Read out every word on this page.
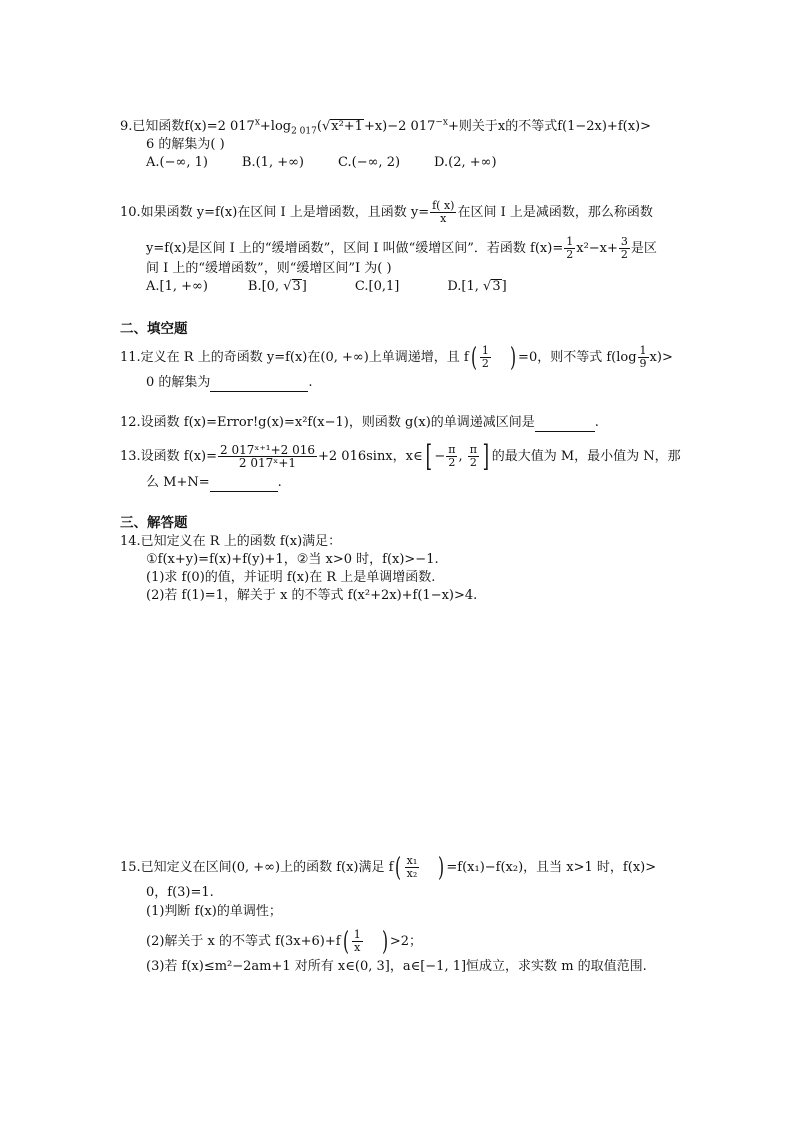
9.已知函数f(x)=2 $017^x+\log_{2 017}(√x^2+1+x)-2$ $017^{-x}+$则关于x的不等式f(1−2x)+f(x)>
6 的解集为( )
A.(−∞, 1)	B.(1, +∞)	C.(−∞, 2)	D.(2, +∞)
10.如果函数 y=f(x)在区间 I 上是增函数，且函数 $y= \frac{f( x)}{x}$ 在区间 I 上是减函数，那么称函数
y=f(x)是区间 I 上的“缓增函数”，区间 I 叫做“缓增区间”．若函数 $f(x)= \frac{1}{2} x^2-x+ \frac{3}{2}$ 是区
间 I 上的“缓增函数”，则“缓增区间”I 为( )
A.[1, +∞)	B.[0, √3]	C.[0,1]	D.[1, √3]
二、填空题
11.定义在 R 上的奇函数 y=f(x)在(0, +∞)上单调递增，且 $f( \frac{1}{2}$ ) =0，则不等式 $f(\log \frac{1}{9} x)>$
0 的解集为	.
12.设函数 f(x)=Error!g(x)=x²f(x−1)，则函数 g(x)的单调递减区间是	.
13.设函数 $f(x)= \frac{\text{2 017ˣ⁺¹+2 016}}{\text{2 017ˣ+1}} +2$ 016sinx，x∈[ − $\frac{\pi}{2}$ , $\frac{\pi}{2}$ ] 的最大值为 M，最小值为 N，那
么 M+N=	.
三、解答题
14.已知定义在 R 上的函数 f(x)满足：
①f(x+y)=f(x)+f(y)+1，②当 x>0 时，f(x)>−1.
(1)求 f(0)的值，并证明 f(x)在 R 上是单调增函数.
(2)若 f(1)=1，解关于 x 的不等式 f(x²+2x)+f(1−x)>4.
15.已知定义在区间(0, +∞)上的函数 f(x)满足 $f( \frac{\text{x₁}}{\text{x₂}}$ ) =f(x₁)−f(x₂)，且当 x>1 时，f(x)>
0，f(3)=1.
(1)判断 f(x)的单调性；
(2)解关于 x 的不等式 $f(3x+6)+f( \frac{1}{x}$ ) >2；
(3)若 f(x)≤m²−2am+1 对所有 x∈(0, 3]，a∈[−1, 1]恒成立，求实数 m 的取值范围.
